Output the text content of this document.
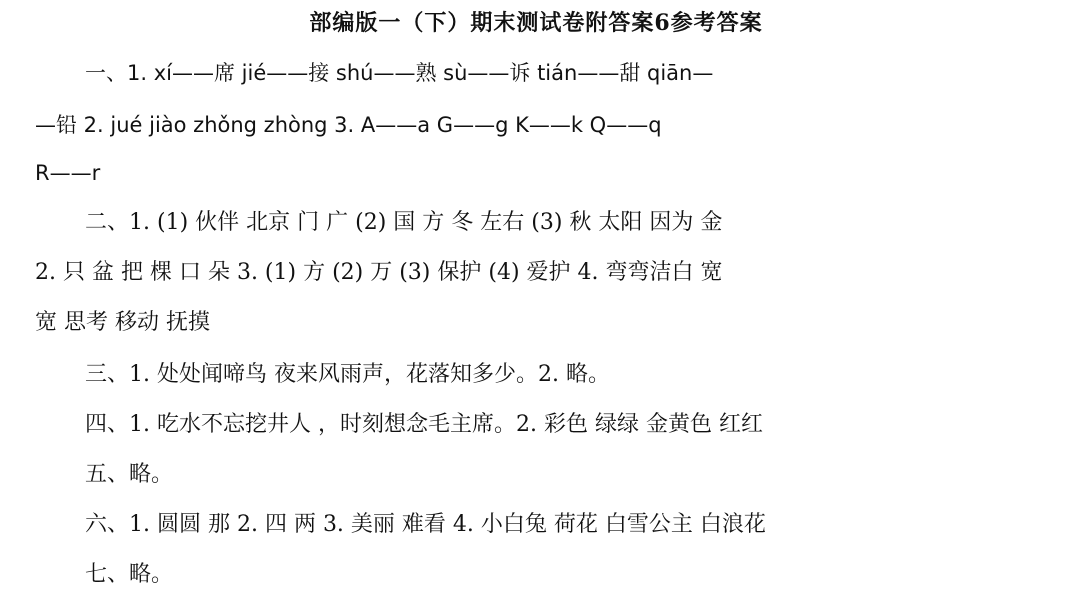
部编版一（下）期末测试卷附答案6参考答案
一、1. xí——席 jié——接 shú——熟 sù——诉 tián——甜 qiān—
—铅 2. jué jiào zhǒng zhòng 3. A——a G——g K——k Q——q
R——r
二、1. (1) 伙伴 北京 门 广 (2) 国 方 冬 左右 (3) 秋 太阳 因为 金
2. 只 盆 把 棵 口 朵 3. (1) 方 (2) 万 (3) 保护 (4) 爱护 4. 弯弯洁白 宽
宽 思考 移动 抚摸
三、1. 处处闻啼鸟 夜来风雨声，花落知多少。2. 略。
四、1. 吃水不忘挖井人 ，时刻想念毛主席。2. 彩色 绿绿 金黄色 红红
五、略。
六、1. 圆圆 那 2. 四 两 3. 美丽 难看 4. 小白兔 荷花 白雪公主 白浪花
七、略。
